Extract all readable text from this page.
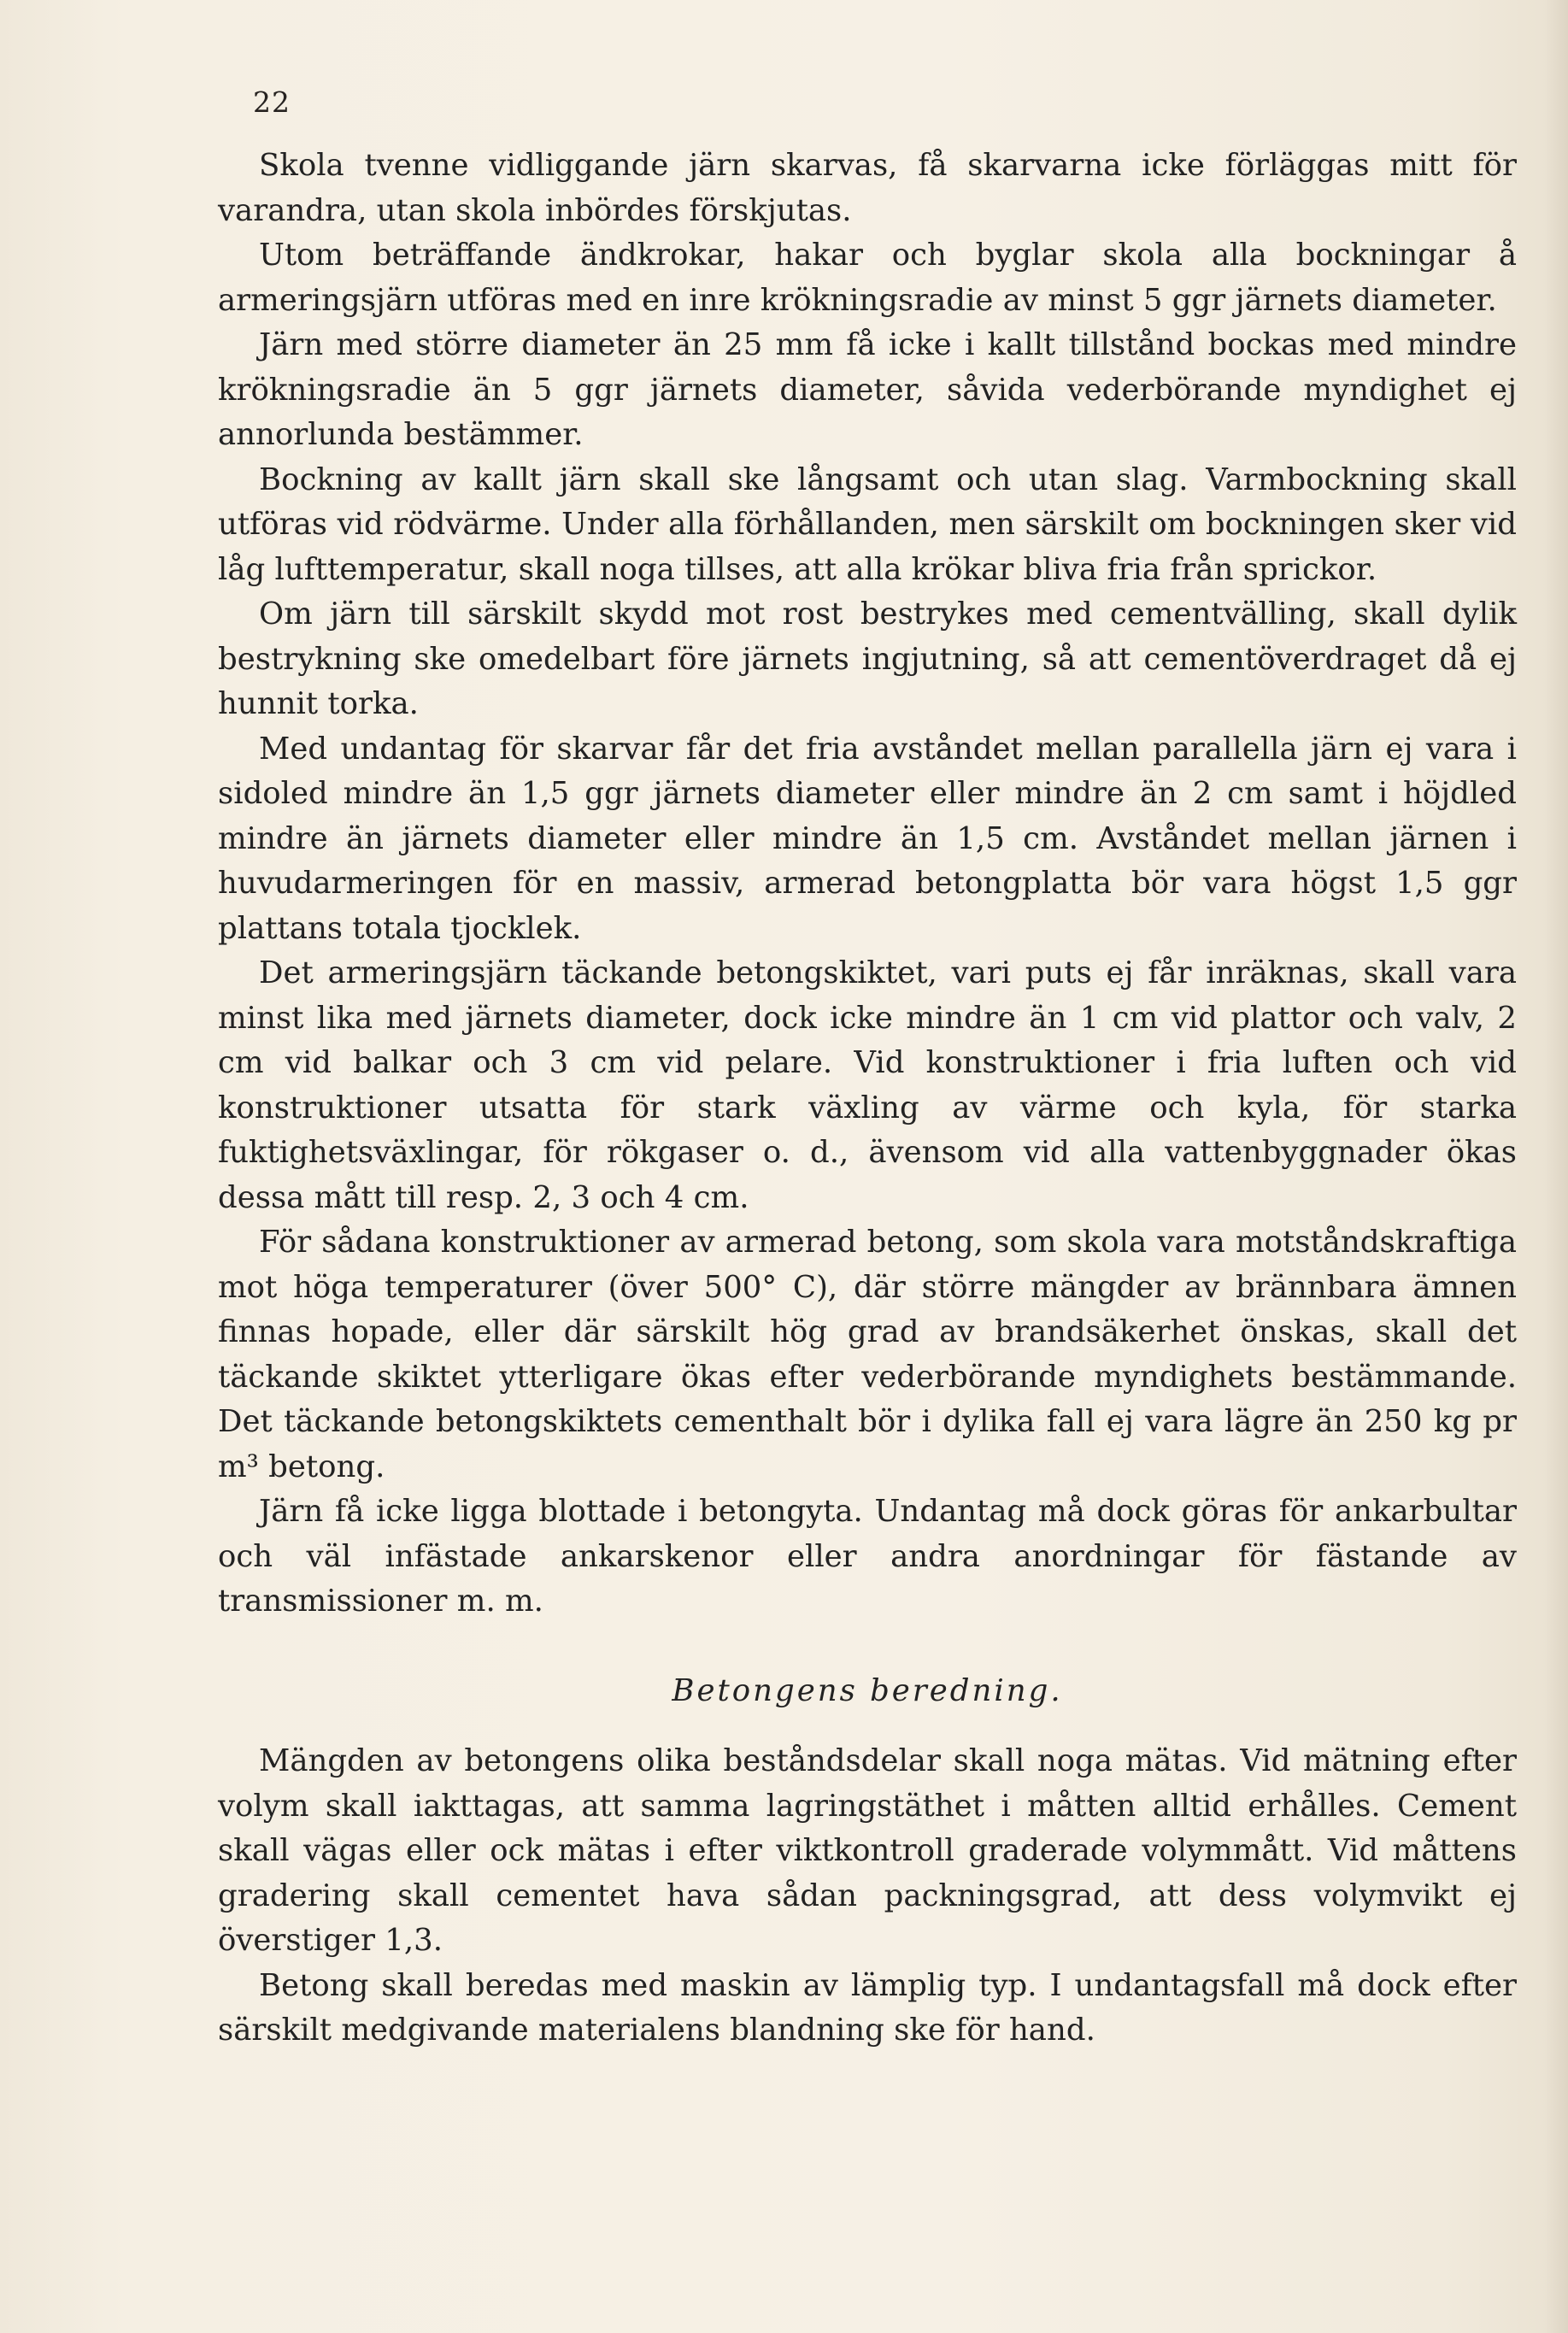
22

Skola tvenne vidliggande järn skarvas, få skarvarna icke förläggas mitt för varandra, utan skola inbördes förskjutas.

Utom beträffande ändkrokar, hakar och byglar skola alla bockningar å armeringsjärn utföras med en inre krökningsradie av minst 5 ggr järnets diameter.

Järn med större diameter än 25 mm få icke i kallt tillstånd bockas med mindre krökningsradie än 5 ggr järnets diameter, såvida vederbörande myndighet ej annorlunda bestämmer.

Bockning av kallt järn skall ske långsamt och utan slag. Varmbockning skall utföras vid rödvärme. Under alla förhållanden, men särskilt om bockningen sker vid låg lufttemperatur, skall noga tillses, att alla krökar bliva fria från sprickor.

Om järn till särskilt skydd mot rost bestrykes med cementvälling, skall dylik bestrykning ske omedelbart före järnets ingjutning, så att cementöverdraget då ej hunnit torka.

Med undantag för skarvar får det fria avståndet mellan parallella järn ej vara i sidoled mindre än 1,5 ggr järnets diameter eller mindre än 2 cm samt i höjdled mindre än järnets diameter eller mindre än 1,5 cm. Avståndet mellan järnen i huvudarmeringen för en massiv, armerad betongplatta bör vara högst 1,5 ggr plattans totala tjocklek.

Det armeringsjärn täckande betongskiktet, vari puts ej får inräknas, skall vara minst lika med järnets diameter, dock icke mindre än 1 cm vid plattor och valv, 2 cm vid balkar och 3 cm vid pelare. Vid konstruktioner i fria luften och vid konstruktioner utsatta för stark växling av värme och kyla, för starka fuktighetsväxlingar, för rökgaser o. d., ävensom vid alla vattenbyggnader ökas dessa mått till resp. 2, 3 och 4 cm.

För sådana konstruktioner av armerad betong, som skola vara motståndskraftiga mot höga temperaturer (över 500° C), där större mängder av brännbara ämnen finnas hopade, eller där särskilt hög grad av brandsäkerhet önskas, skall det täckande skiktet ytterligare ökas efter vederbörande myndighets bestämmande. Det täckande betongskiktets cementhalt bör i dylika fall ej vara lägre än 250 kg pr m³ betong.

Järn få icke ligga blottade i betongyta. Undantag må dock göras för ankarbultar och väl infästade ankarskenor eller andra anordningar för fästande av transmissioner m. m.

Betongens beredning.

Mängden av betongens olika beståndsdelar skall noga mätas. Vid mätning efter volym skall iakttagas, att samma lagringstäthet i måtten alltid erhålles. Cement skall vägas eller ock mätas i efter viktkontroll graderade volymmått. Vid måttens gradering skall cementet hava sådan packningsgrad, att dess volymvikt ej överstiger 1,3.

Betong skall beredas med maskin av lämplig typ. I undantagsfall må dock efter särskilt medgivande materialens blandning ske för hand.
